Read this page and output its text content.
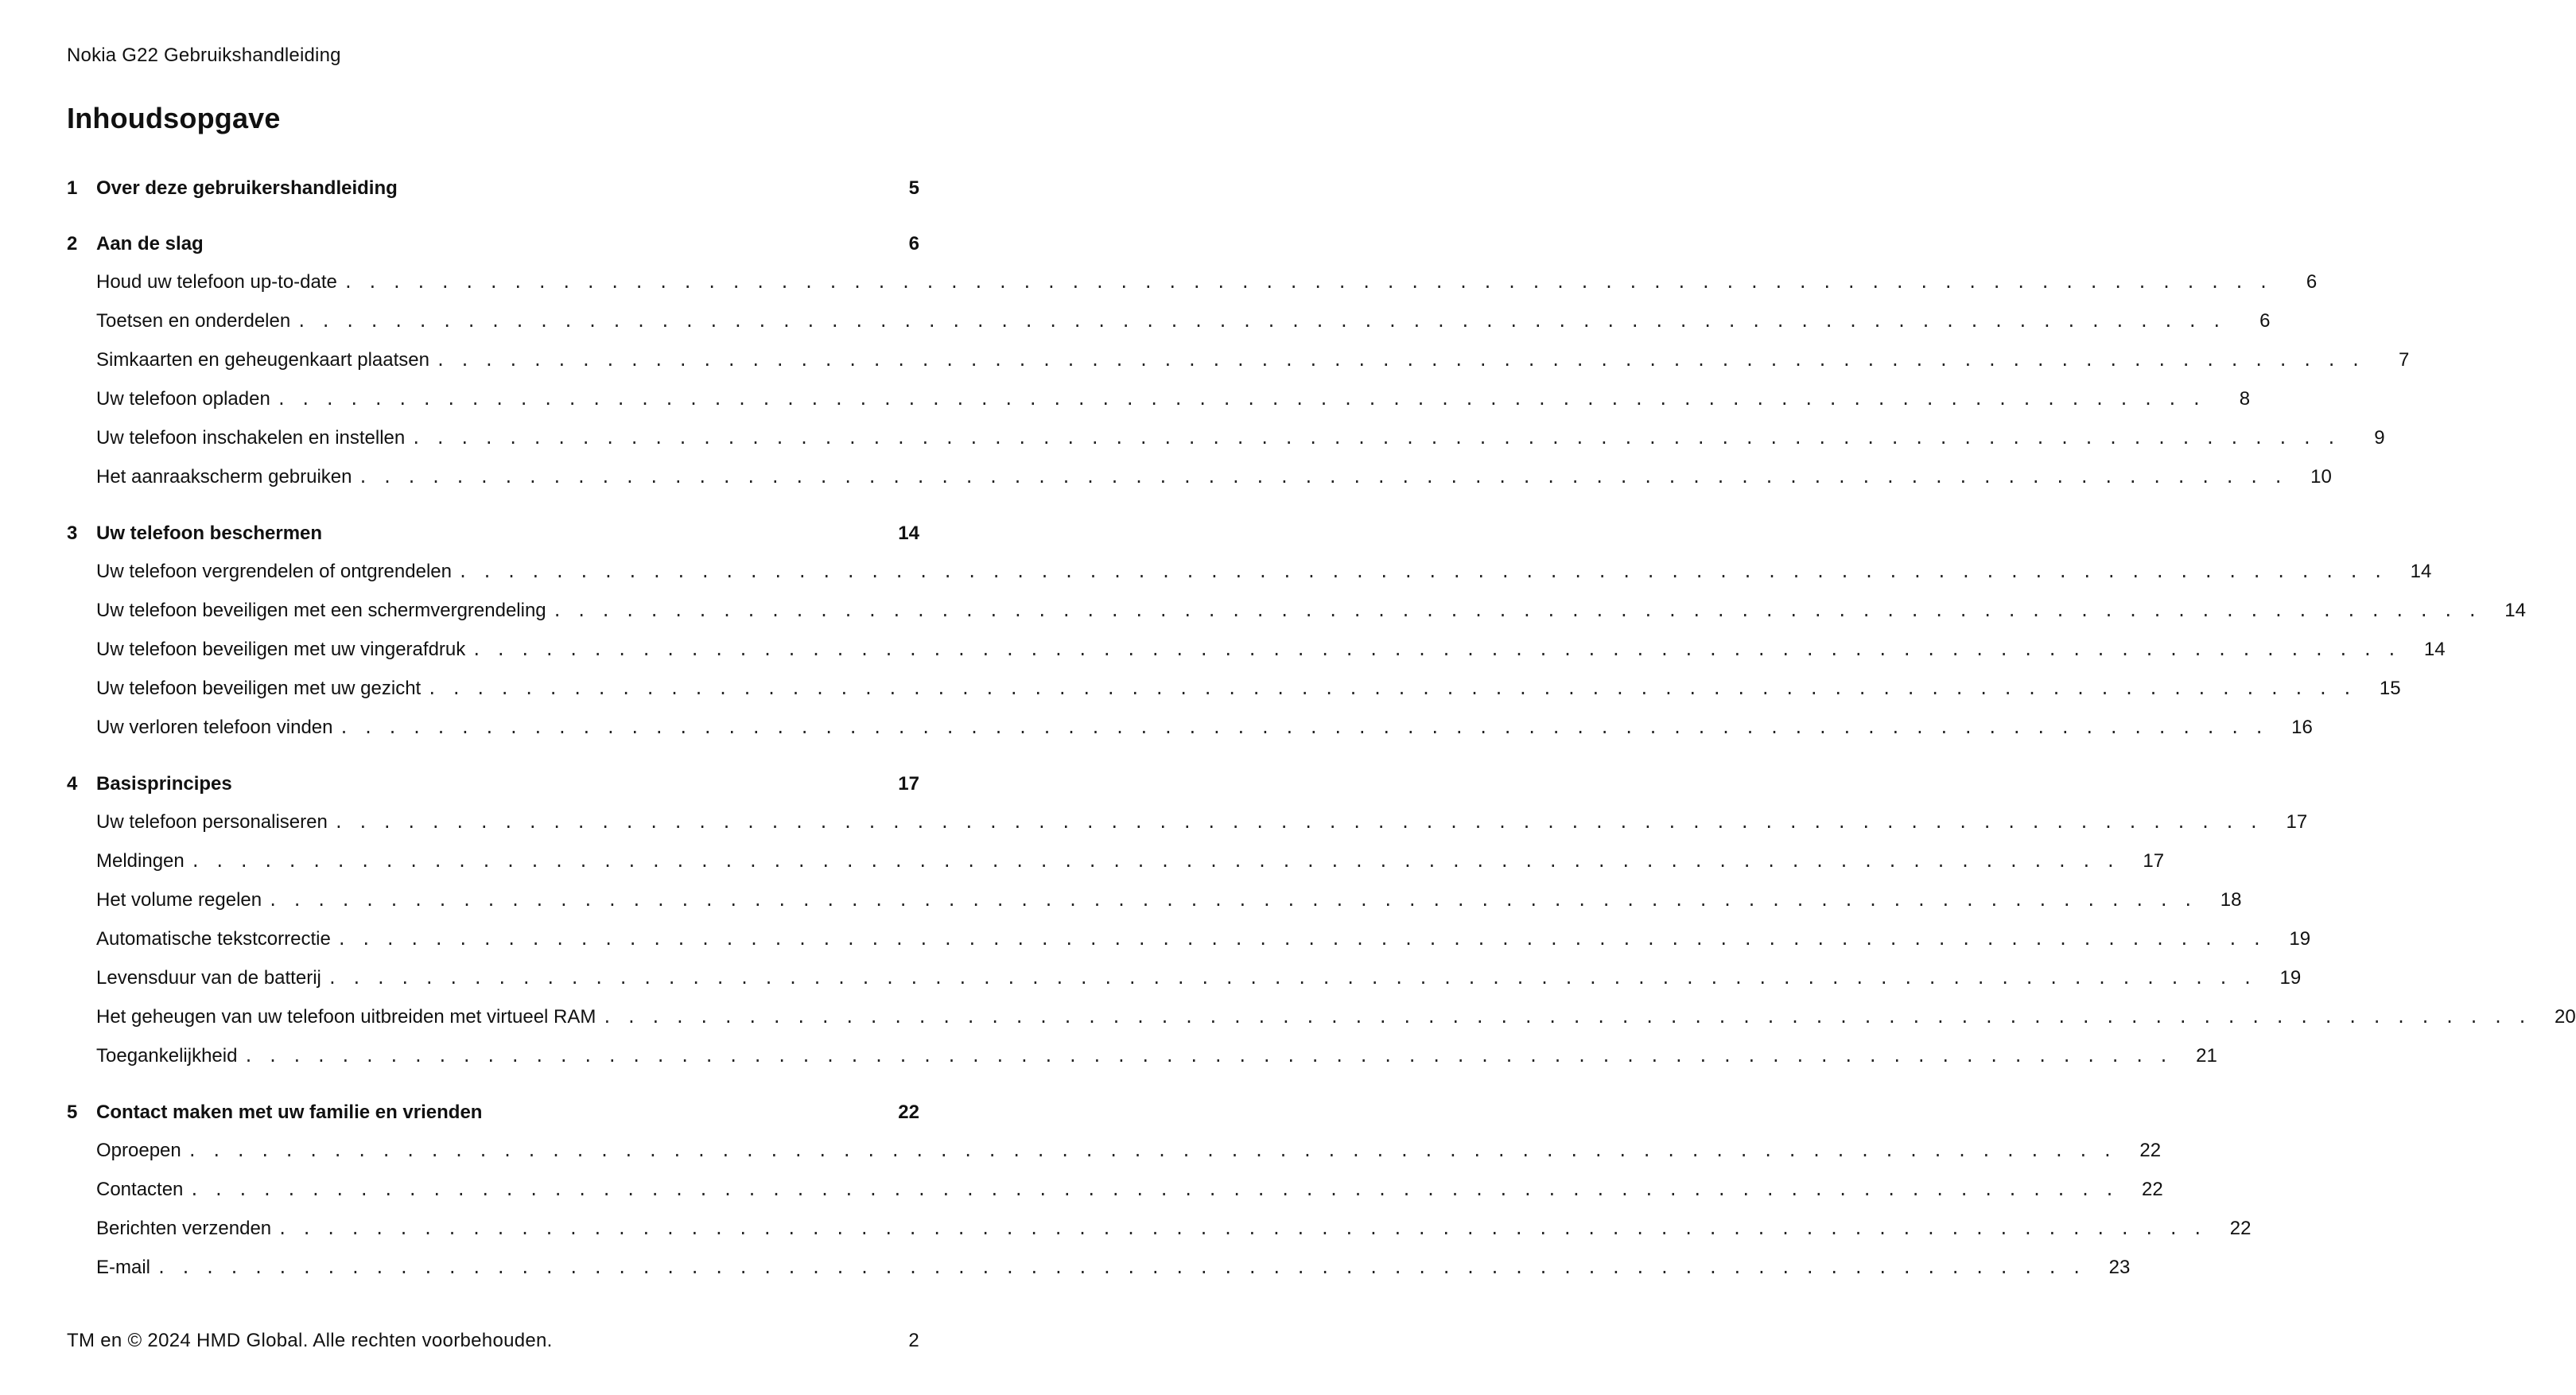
Nokia G22 Gebruikshandleiding
Inhoudsopgave
1 Over deze gebruikershandleiding	5
2 Aan de slag	6
Houd uw telefoon up-to-date . . . . . . . . . . . . . . . . . . . . . . . . . . . . . . . . . . . . . . . . . . . . . . . . . . . . . . . . . . . . . . . . . . . . . . . . . . . . . . . .	6
Toetsen en onderdelen . . . . . . . . . . . . . . . . . . . . . . . . . . . . . . . . . . . . . . . . . . . . . . . . . . . . . . . . . . . . . . . . . . . . . . . . . . . . . . . .	6
Simkaarten en geheugenkaart plaatsen . . . . . . . . . . . . . . . . . . . . . . . . . . . . . . . . . . . . . . . . . . . . . . . . . . . . . . . . . . . . . . . . . . . . . . . . . . . . . . . .	7
Uw telefoon opladen . . . . . . . . . . . . . . . . . . . . . . . . . . . . . . . . . . . . . . . . . . . . . . . . . . . . . . . . . . . . . . . . . . . . . . . . . . . . . . . .	8
Uw telefoon inschakelen en instellen . . . . . . . . . . . . . . . . . . . . . . . . . . . . . . . . . . . . . . . . . . . . . . . . . . . . . . . . . . . . . . . . . . . . . . . . . . . . . . . .	9
Het aanraakscherm gebruiken . . . . . . . . . . . . . . . . . . . . . . . . . . . . . . . . . . . . . . . . . . . . . . . . . . . . . . . . . . . . . . . . . . . . . . . . . . . . . . . .	10
3 Uw telefoon beschermen	14
Uw telefoon vergrendelen of ontgrendelen . . . . . . . . . . . . . . . . . . . . . . . . . . . . . . . . . . . . . . . . . . . . . . . . . . . . . . . . . . . . . . . . . . . . . . . . . . . . . . . .	14
Uw telefoon beveiligen met een schermvergrendeling . . . . . . . . . . . . . . . . . . . . . . . . . . . . . . . . . . . . . . . . . . . . . . . . . . . . . . . . . . . . . . . . . . . . . . . . . . . . . . . .	14
Uw telefoon beveiligen met uw vingerafdruk . . . . . . . . . . . . . . . . . . . . . . . . . . . . . . . . . . . . . . . . . . . . . . . . . . . . . . . . . . . . . . . . . . . . . . . . . . . . . . . .	14
Uw telefoon beveiligen met uw gezicht . . . . . . . . . . . . . . . . . . . . . . . . . . . . . . . . . . . . . . . . . . . . . . . . . . . . . . . . . . . . . . . . . . . . . . . . . . . . . . . .	15
Uw verloren telefoon vinden . . . . . . . . . . . . . . . . . . . . . . . . . . . . . . . . . . . . . . . . . . . . . . . . . . . . . . . . . . . . . . . . . . . . . . . . . . . . . . . .	16
4 Basisprincipes	17
Uw telefoon personaliseren . . . . . . . . . . . . . . . . . . . . . . . . . . . . . . . . . . . . . . . . . . . . . . . . . . . . . . . . . . . . . . . . . . . . . . . . . . . . . . . .	17
Meldingen . . . . . . . . . . . . . . . . . . . . . . . . . . . . . . . . . . . . . . . . . . . . . . . . . . . . . . . . . . . . . . . . . . . . . . . . . . . . . . . .	17
Het volume regelen . . . . . . . . . . . . . . . . . . . . . . . . . . . . . . . . . . . . . . . . . . . . . . . . . . . . . . . . . . . . . . . . . . . . . . . . . . . . . . . .	18
Automatische tekstcorrectie . . . . . . . . . . . . . . . . . . . . . . . . . . . . . . . . . . . . . . . . . . . . . . . . . . . . . . . . . . . . . . . . . . . . . . . . . . . . . . . .	19
Levensduur van de batterij . . . . . . . . . . . . . . . . . . . . . . . . . . . . . . . . . . . . . . . . . . . . . . . . . . . . . . . . . . . . . . . . . . . . . . . . . . . . . . . .	19
Het geheugen van uw telefoon uitbreiden met virtueel RAM . . . . . . . . . . . . . . . . . . . . . . . . . . . . . . . . . . . . . . . . . . . . . . . . . . . . . . . . . . . . . . . . . . . . . . . . . . . . . . . .	20
Toegankelijkheid . . . . . . . . . . . . . . . . . . . . . . . . . . . . . . . . . . . . . . . . . . . . . . . . . . . . . . . . . . . . . . . . . . . . . . . . . . . . . . . .	21
5 Contact maken met uw familie en vrienden	22
Oproepen . . . . . . . . . . . . . . . . . . . . . . . . . . . . . . . . . . . . . . . . . . . . . . . . . . . . . . . . . . . . . . . . . . . . . . . . . . . . . . . .	22
Contacten . . . . . . . . . . . . . . . . . . . . . . . . . . . . . . . . . . . . . . . . . . . . . . . . . . . . . . . . . . . . . . . . . . . . . . . . . . . . . . . .	22
Berichten verzenden . . . . . . . . . . . . . . . . . . . . . . . . . . . . . . . . . . . . . . . . . . . . . . . . . . . . . . . . . . . . . . . . . . . . . . . . . . . . . . . .	22
E-mail . . . . . . . . . . . . . . . . . . . . . . . . . . . . . . . . . . . . . . . . . . . . . . . . . . . . . . . . . . . . . . . . . . . . . . . . . . . . . . . .	23
TM en © 2024 HMD Global. Alle rechten voorbehouden.	2
